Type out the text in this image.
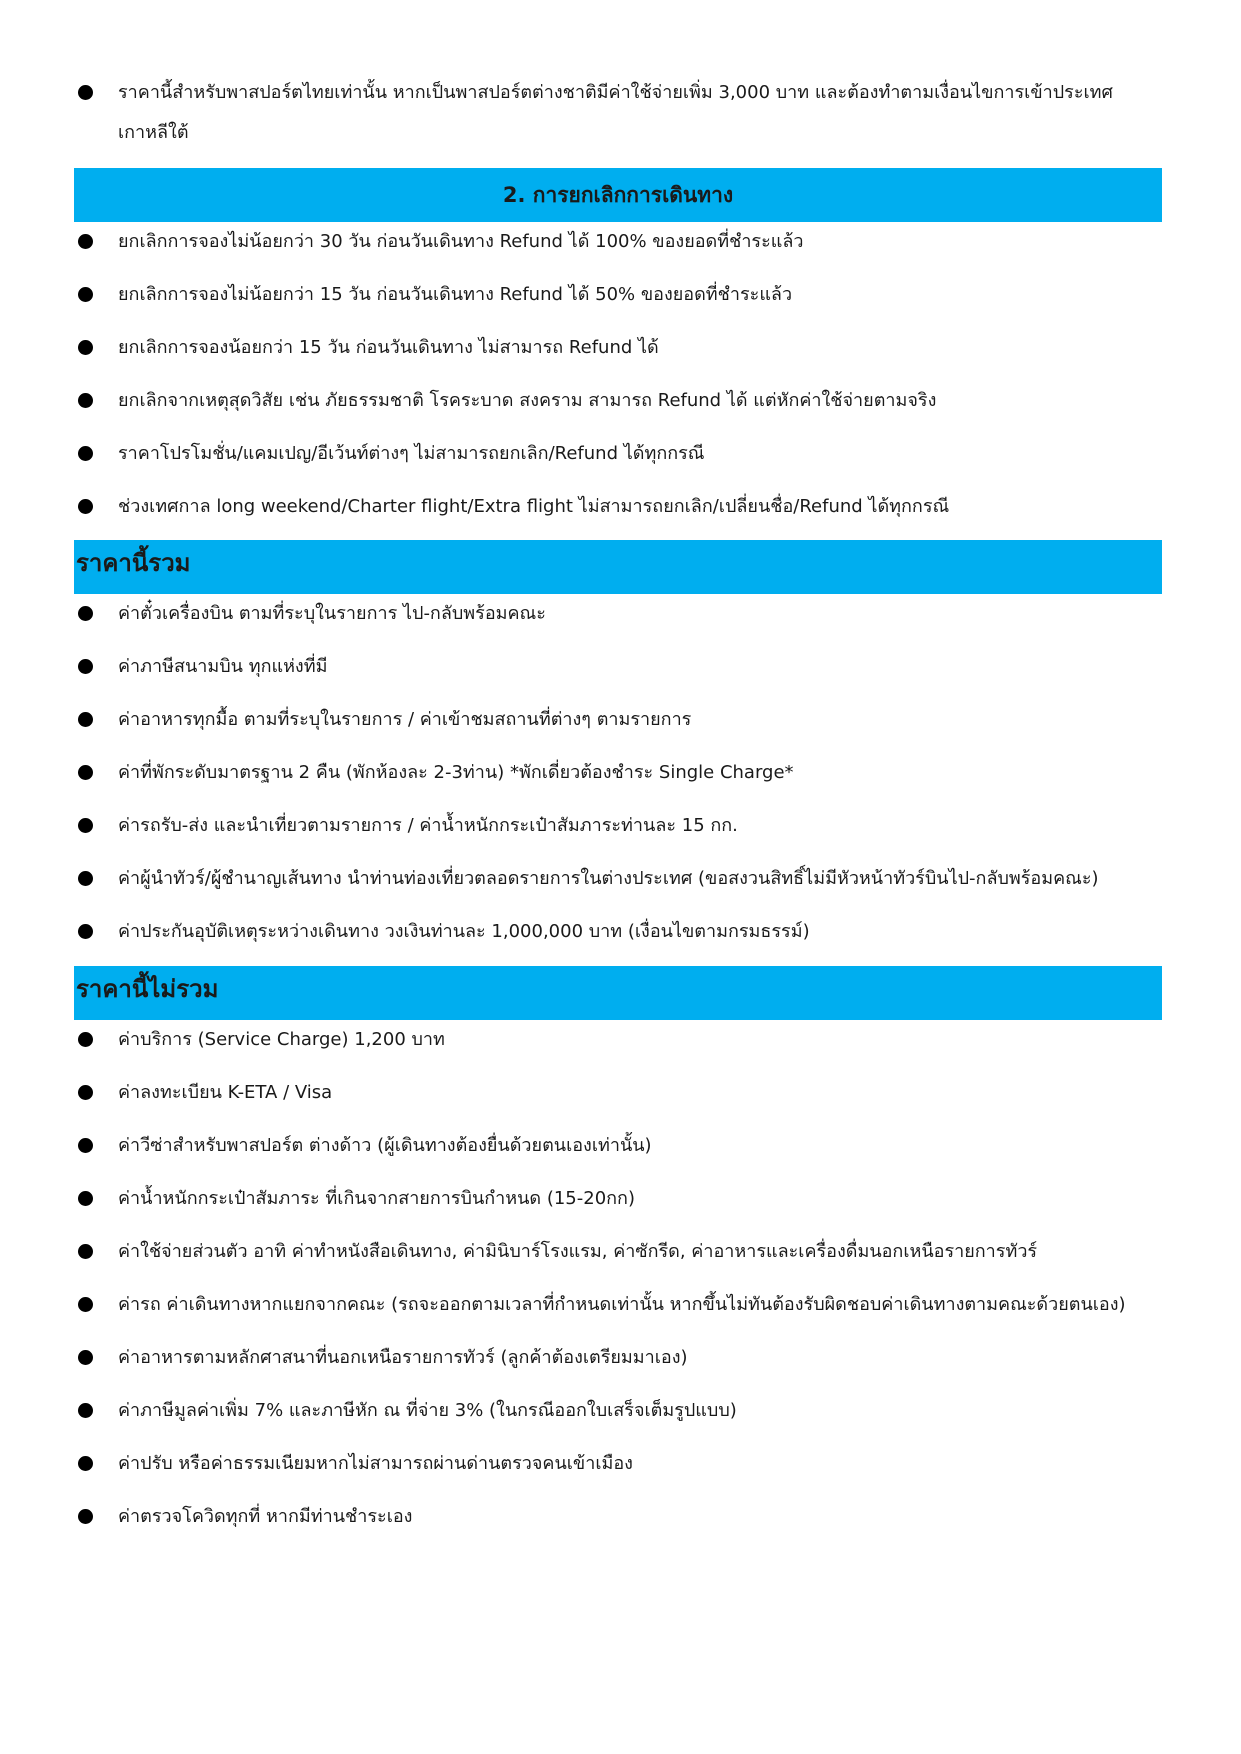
ราคานี้สำหรับพาสปอร์ตไทยเท่านั้น หากเป็นพาสปอร์ตต่างชาติมีค่าใช้จ่ายเพิ่ม 3,000 บาท และต้องทำตามเงื่อนไขการเข้าประเทศ เกาหลีใต้
2. การยกเลิกการเดินทาง
ยกเลิกการจองไม่น้อยกว่า 30 วัน ก่อนวันเดินทาง Refund ได้ 100% ของยอดที่ชำระแล้ว
ยกเลิกการจองไม่น้อยกว่า 15 วัน ก่อนวันเดินทาง Refund ได้ 50% ของยอดที่ชำระแล้ว
ยกเลิกการจองน้อยกว่า 15 วัน ก่อนวันเดินทาง ไม่สามารถ Refund ได้
ยกเลิกจากเหตุสุดวิสัย เช่น ภัยธรรมชาติ โรคระบาด สงคราม สามารถ Refund ได้ แต่หักค่าใช้จ่ายตามจริง
ราคาโปรโมชั่น/แคมเปญ/อีเว้นท์ต่างๆ ไม่สามารถยกเลิก/Refund ได้ทุกกรณี
ช่วงเทศกาล long weekend/Charter flight/Extra flight ไม่สามารถยกเลิก/เปลี่ยนชื่อ/Refund ได้ทุกกรณี
ราคานี้รวม
ค่าตั๋วเครื่องบิน ตามที่ระบุในรายการ ไป-กลับพร้อมคณะ
ค่าภาษีสนามบิน ทุกแห่งที่มี
ค่าอาหารทุกมื้อ ตามที่ระบุในรายการ / ค่าเข้าชมสถานที่ต่างๆ ตามรายการ
ค่าที่พักระดับมาตรฐาน 2 คืน (พักห้องละ 2-3ท่าน) *พักเดี่ยวต้องชำระ Single Charge*
ค่ารถรับ-ส่ง และนำเที่ยวตามรายการ / ค่าน้ำหนักกระเป๋าสัมภาระท่านละ 15 กก.
ค่าผู้นำทัวร์/ผู้ชำนาญเส้นทาง นำท่านท่องเที่ยวตลอดรายการในต่างประเทศ (ขอสงวนสิทธิ์ไม่มีหัวหน้าทัวร์บินไป-กลับพร้อมคณะ)
ค่าประกันอุบัติเหตุระหว่างเดินทาง วงเงินท่านละ 1,000,000 บาท (เงื่อนไขตามกรมธรรม์)
ราคานี้ไม่รวม
ค่าบริการ (Service Charge) 1,200 บาท
ค่าลงทะเบียน K-ETA / Visa
ค่าวีซ่าสำหรับพาสปอร์ต ต่างด้าว (ผู้เดินทางต้องยื่นด้วยตนเองเท่านั้น)
ค่าน้ำหนักกระเป๋าสัมภาระ ที่เกินจากสายการบินกำหนด (15-20กก)
ค่าใช้จ่ายส่วนตัว อาทิ ค่าทำหนังสือเดินทาง, ค่ามินิบาร์โรงแรม, ค่าซักรีด, ค่าอาหารและเครื่องดื่มนอกเหนือรายการทัวร์
ค่ารถ ค่าเดินทางหากแยกจากคณะ (รถจะออกตามเวลาที่กำหนดเท่านั้น หากขึ้นไม่ทันต้องรับผิดชอบค่าเดินทางตามคณะด้วยตนเอง)
ค่าอาหารตามหลักศาสนาที่นอกเหนือรายการทัวร์ (ลูกค้าต้องเตรียมมาเอง)
ค่าภาษีมูลค่าเพิ่ม 7% และภาษีหัก ณ ที่จ่าย 3% (ในกรณีออกใบเสร็จเต็มรูปแบบ)
ค่าปรับ หรือค่าธรรมเนียมหากไม่สามารถผ่านด่านตรวจคนเข้าเมือง
ค่าตรวจโควิดทุกที่ หากมีท่านชำระเอง
